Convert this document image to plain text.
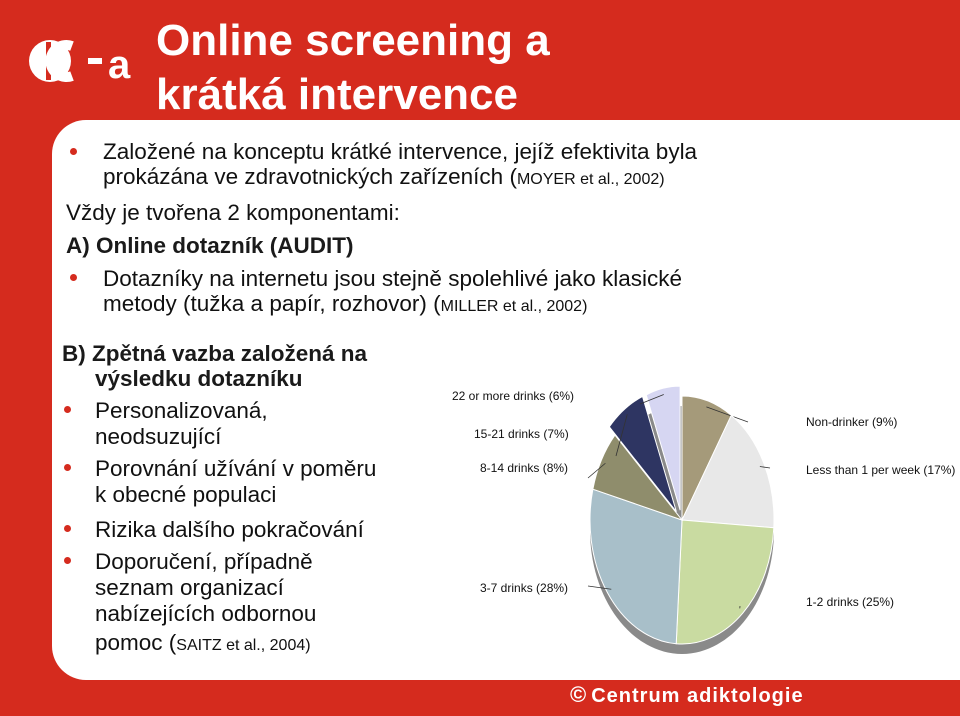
a Online screening a
krátká intervence
Založené na konceptu krátké intervence, jejíž efektivita byla
prokázána ve zdravotnických zařízeních (MOYER et al., 2002)
Vždy je tvořena 2 komponentami:
A) Online dotazník (AUDIT)
Dotazníky na internetu jsou stejně spolehlivé jako klasické
metody (tužka a papír, rozhovor) (MILLER et al., 2002)
B) Zpětná vazba založená na
výsledku dotazníku
Personalizovaná,
neodsuzující
Porovnání užívání v poměru
k obecné populaci
Rizika dalšího pokračování
Doporučení, případně
seznam organizací
nabízejících odbornou
pomoc (SAITZ et al., 2004)
Non-drinker (9%)
Less than 1 per week (17%)
1-2 drinks (25%)
3-7 drinks (28%)
8-14 drinks (8%)
15-21 drinks (7%)
22 or more drinks (6%)
© Centrum adiktologie
